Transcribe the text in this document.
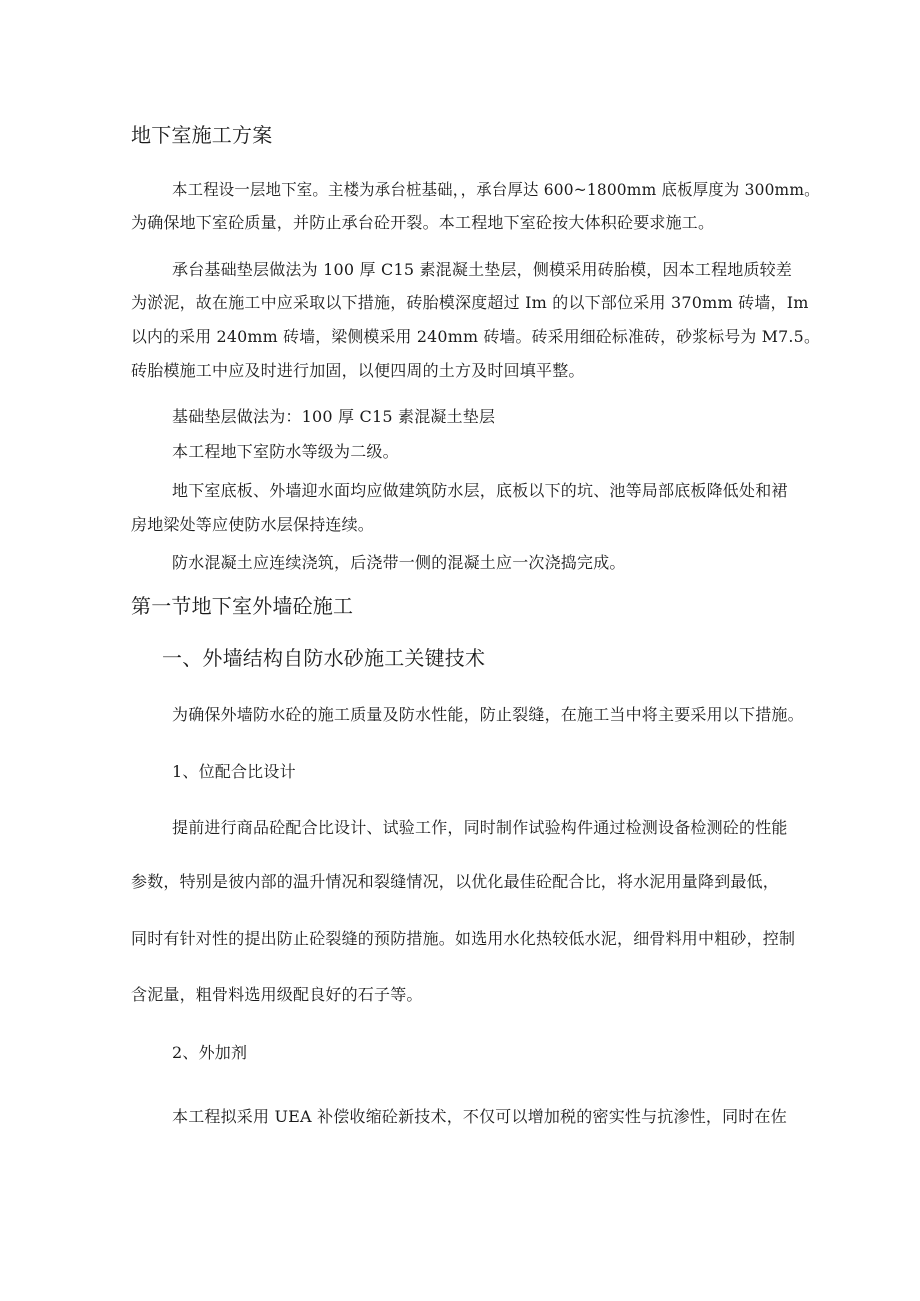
地下室施工方案
本工程设一层地下室。主楼为承台桩基础，，承台厚达 600~1800mm 底板厚度为 300mm。
为确保地下室砼质量，并防止承台砼开裂。本工程地下室砼按大体积砼要求施工。
承台基础垫层做法为 100 厚 C15 素混凝土垫层，侧模采用砖胎模，因本工程地质较差
为淤泥，故在施工中应采取以下措施，砖胎模深度超过 Im 的以下部位采用 370mm 砖墙，Im
以内的采用 240mm 砖墙，梁侧模采用 240mm 砖墙。砖采用细砼标准砖，砂浆标号为 M7.5。
砖胎模施工中应及时进行加固，以便四周的土方及时回填平整。
基础垫层做法为：100 厚 C15 素混凝土垫层
本工程地下室防水等级为二级。
地下室底板、外墙迎水面均应做建筑防水层，底板以下的坑、池等局部底板降低处和裙
房地梁处等应使防水层保持连续。
防水混凝土应连续浇筑，后浇带一侧的混凝土应一次浇捣完成。
第一节地下室外墙砼施工
一、外墙结构自防水砂施工关键技术
为确保外墙防水砼的施工质量及防水性能，防止裂缝，在施工当中将主要采用以下措施。
1、位配合比设计
提前进行商品砼配合比设计、试验工作，同时制作试验构件通过检测设备检测砼的性能
参数，特别是彼内部的温升情况和裂缝情况，以优化最佳砼配合比，将水泥用量降到最低，
同时有针对性的提出防止砼裂缝的预防措施。如选用水化热较低水泥，细骨料用中粗砂，控制
含泥量，粗骨料选用级配良好的石子等。
2、外加剂
本工程拟采用 UEA 补偿收缩砼新技术，不仅可以增加税的密实性与抗渗性，同时在佐
